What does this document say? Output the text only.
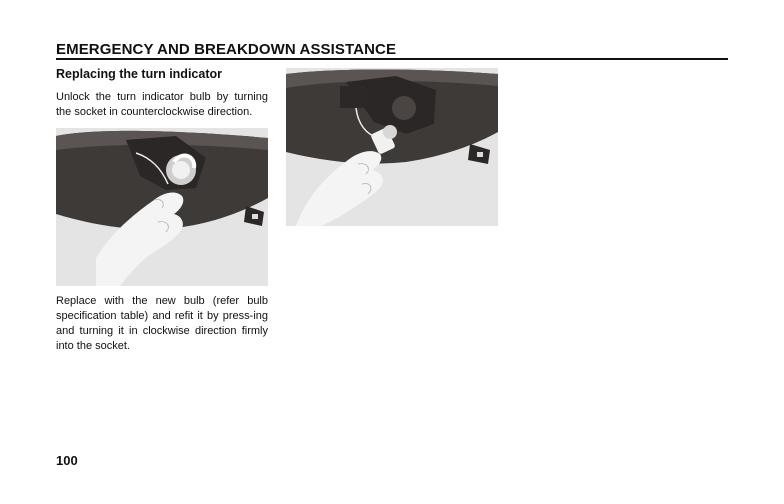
EMERGENCY AND BREAKDOWN ASSISTANCE
Replacing the turn indicator
Unlock the turn indicator bulb by turning the socket in counterclockwise direction.
Replace with the new bulb (refer bulb specification table) and refit it by press-ing and turning it in clockwise direction firmly into the socket.
100
